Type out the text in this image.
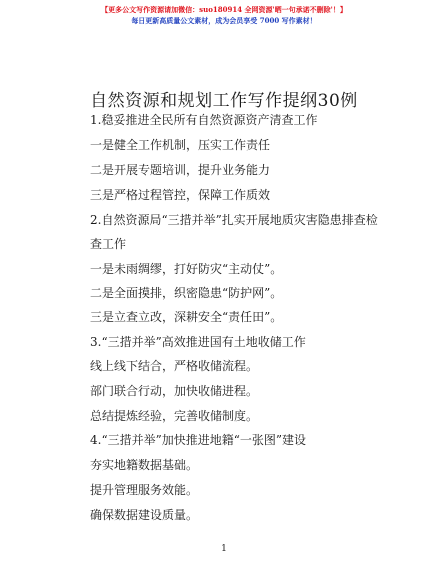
【更多公文写作资源请加微信：suo180914 全网资源'晒一句承诺不删除'！】
每日更新高质量公文素材，成为会员享受 7000 写作素材！
自然资源和规划工作写作提纲30例
1.稳妥推进全民所有自然资源资产清查工作
一是健全工作机制，压实工作责任
二是开展专题培训，提升业务能力
三是严格过程管控，保障工作质效
2.自然资源局“三措并举”扎实开展地质灾害隐患排查检查工作
一是未雨绸缪，打好防灾“主动仗”。
二是全面摸排，织密隐患“防护网”。
三是立查立改，深耕安全“责任田”。
3.“三措并举”高效推进国有土地收储工作
线上线下结合，严格收储流程。
部门联合行动，加快收储进程。
总结提炼经验，完善收储制度。
4.“三措并举”加快推进地籍“一张图”建设
夯实地籍数据基础。
提升管理服务效能。
确保数据建设质量。
1
